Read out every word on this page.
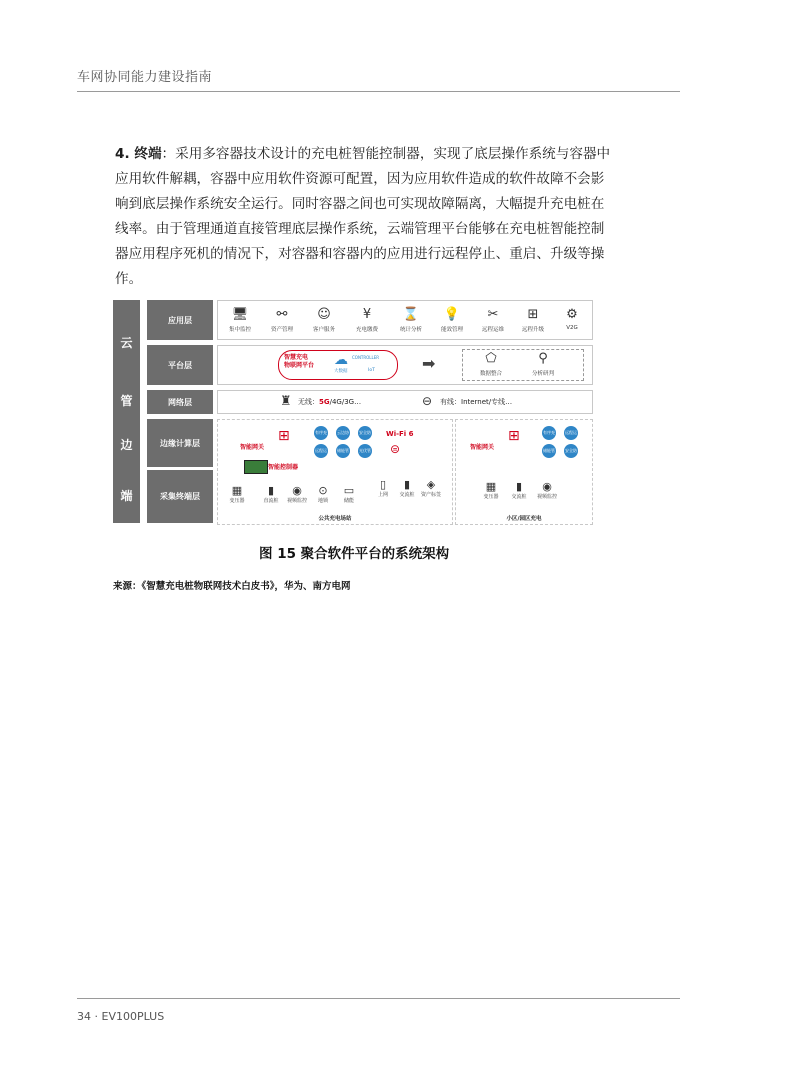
车网协同能力建设指南
4. 终端：采用多容器技术设计的充电桩智能控制器，实现了底层操作系统与容器中应用软件解耦，容器中应用软件资源可配置，因为应用软件造成的软件故障不会影响到底层操作系统安全运行。同时容器之间也可实现故障隔离，大幅提升充电桩在线率。由于管理通道直接管理底层操作系统，云端管理平台能够在充电桩智能控制器应用程序死机的情况下，对容器和容器内的应用进行远程停止、重启、升级等操作。
云
管
边
端
应用层
平台层
网络层
边缘计算层
采集终端层
🖥
集中监控
⚯
资产管理
☺
客户服务
¥
充电缴费
⌛
统计分析
💡
能效管理
✂
远程运维
⊞
远程升级
⚙
V2G
智慧充电
物联网平台	☁ CONTROLLER
大数据	IoT	➡	⬠
数据整合
⚲
分析研判
♜ 无线：5G/4G/3G…	⊖ 有线：Internet/专线…
智能网关
⊞	有序充	云边协	安全防
远程运维
储能管理
光伏管理
智能控制器
▦
变压器
▮
直流桩
◉
视频监控
⊙
地锁
▭
储能
Wi-Fi 6
⊜
▯
上网
▮
交流桩
◈
资产标签
公共充电场站
智能网关
⊞	有序充	远程运
储能管理
安全防护
▦
变压器
▮
交流桩
◉
视频监控
小区/园区充电
图 15 聚合软件平台的系统架构
来源：《智慧充电桩物联网技术白皮书》，华为、南方电网
34 · EV100PLUS
